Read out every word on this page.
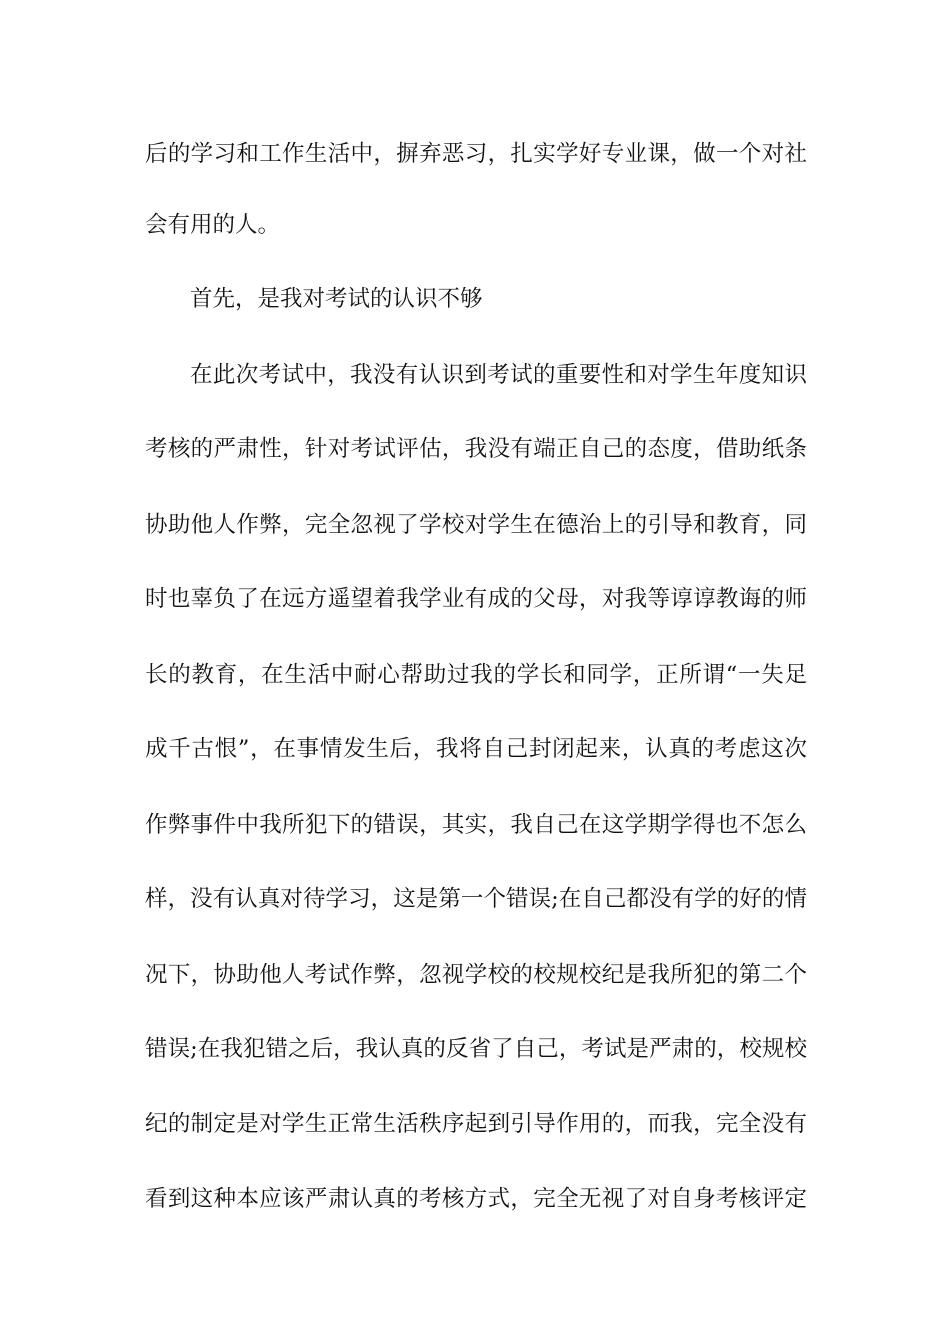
后的学习和工作生活中，摒弃恶习，扎实学好专业课，做一个对社
会有用的人。
首先，是我对考试的认识不够
在此次考试中，我没有认识到考试的重要性和对学生年度知识
考核的严肃性，针对考试评估，我没有端正自己的态度，借助纸条
协助他人作弊，完全忽视了学校对学生在德治上的引导和教育，同
时也辜负了在远方遥望着我学业有成的父母，对我等谆谆教诲的师
长的教育，在生活中耐心帮助过我的学长和同学，正所谓“一失足
成千古恨”，在事情发生后，我将自己封闭起来，认真的考虑这次
作弊事件中我所犯下的错误，其实，我自己在这学期学得也不怎么
样，没有认真对待学习，这是第一个错误;在自己都没有学的好的情
况下，协助他人考试作弊，忽视学校的校规校纪是我所犯的第二个
错误;在我犯错之后，我认真的反省了自己，考试是严肃的，校规校
纪的制定是对学生正常生活秩序起到引导作用的，而我，完全没有
看到这种本应该严肃认真的考核方式，完全无视了对自身考核评定
